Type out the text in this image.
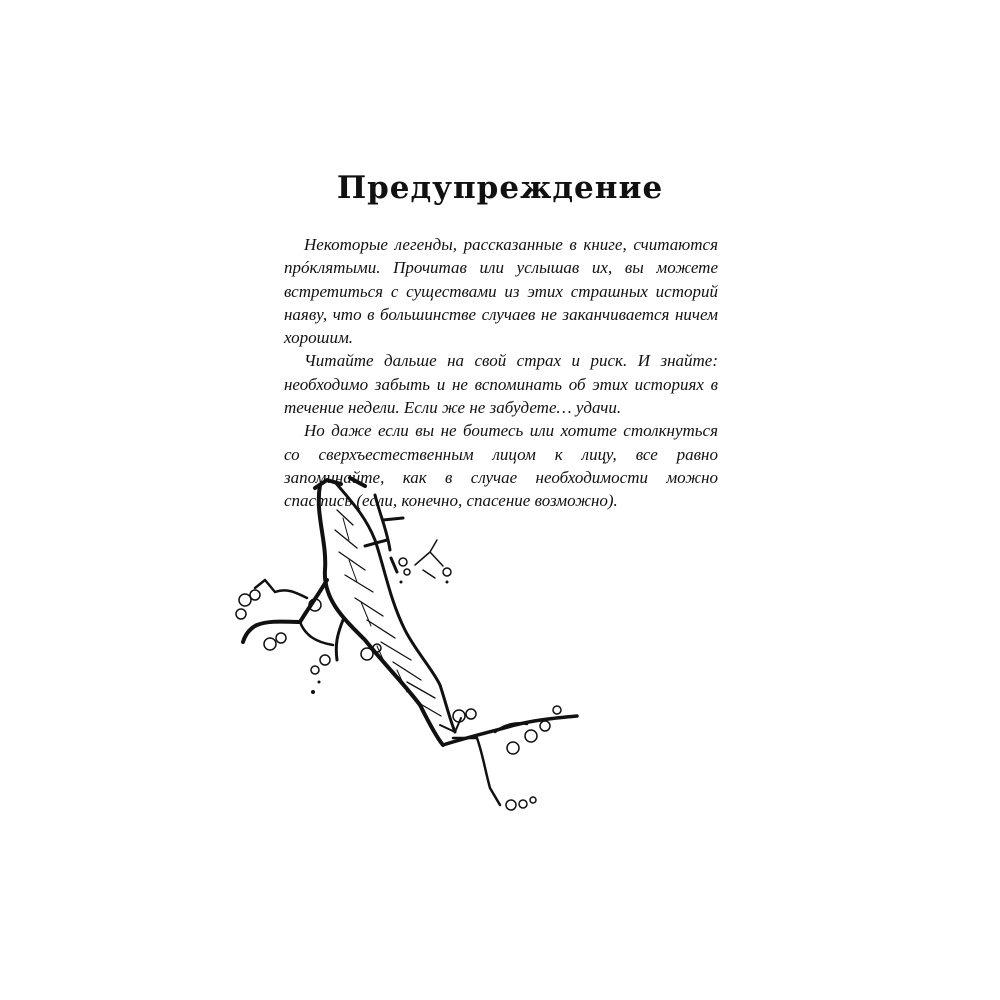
Предупреждение

Некоторые легенды, рассказанные в книге, считаются прóклятыми. Прочитав или услышав их, вы можете встретиться с существами из этих страшных историй наяву, что в большинстве случаев не заканчивается ничем хорошим.

Читайте дальше на свой страх и риск. И знайте: необходимо забыть и не вспоминать об этих историях в течение недели. Если же не забудете… удачи.

Но даже если вы не боитесь или хотите столкнуться со сверхъестественным лицом к лицу, все равно запоминайте, как в случае необходимости можно спастись (если, конечно, спасение возможно).
